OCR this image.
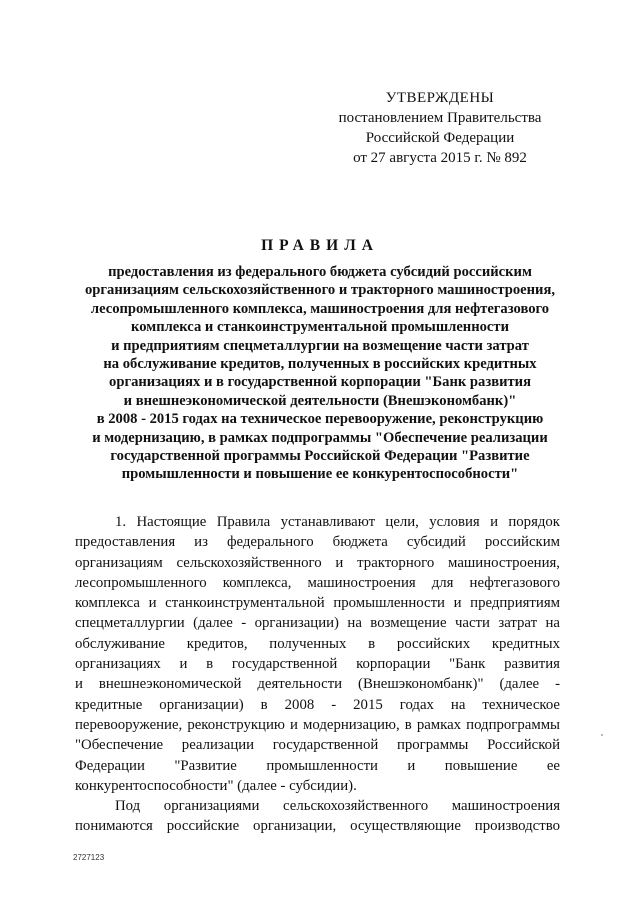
УТВЕРЖДЕНЫ
постановлением Правительства
Российской Федерации
от 27 августа 2015 г. № 892
ПРАВИЛА
предоставления из федерального бюджета субсидий российским
организациям сельскохозяйственного и тракторного машиностроения,
лесопромышленного комплекса, машиностроения для нефтегазового
комплекса и станкоинструментальной промышленности
и предприятиям спецметаллургии на возмещение части затрат
на обслуживание кредитов, полученных в российских кредитных
организациях и в государственной корпорации "Банк развития
и внешнеэкономической деятельности (Внешэкономбанк)"
в 2008 - 2015 годах на техническое перевооружение, реконструкцию
и модернизацию, в рамках подпрограммы "Обеспечение реализации
государственной программы Российской Федерации "Развитие
промышленности и повышение ее конкурентоспособности"
1. Настоящие Правила устанавливают цели, условия и порядок
предоставления из федерального бюджета субсидий российским
организациям сельскохозяйственного и тракторного машиностроения,
лесопромышленного комплекса, машиностроения для нефтегазового
комплекса и станкоинструментальной промышленности и предприятиям
спецметаллургии (далее - организации) на возмещение части затрат на
обслуживание кредитов, полученных в российских кредитных
организациях и в государственной корпорации "Банк развития
и внешнеэкономической деятельности (Внешэкономбанк)" (далее -
кредитные организации) в 2008 - 2015 годах на техническое
перевооружение, реконструкцию и модернизацию, в рамках подпрограммы
"Обеспечение реализации государственной программы Российской
Федерации "Развитие промышленности и повышение ее
конкурентоспособности" (далее - субсидии).
Под организациями сельскохозяйственного машиностроения
понимаются российские организации, осуществляющие производство
2727123
